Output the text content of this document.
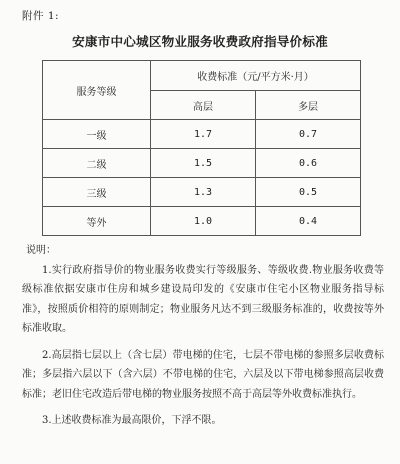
附件 1:
安康市中心城区物业服务收费政府指导价标准
服务等级	收费标准（元/平方米·月）	
	高层	多层
一级	1.7	0.7
二级	1.5	0.6
三级	1.3	0.5
等外	1.0	0.4
说明：

1.实行政府指导价的物业服务收费实行等级服务、等级收费.物业服务收费等级标准依据安康市住房和城乡建设局印发的《安康市住宅小区物业服务指导标准》，按照质价相符的原则制定；物业服务凡达不到三级服务标准的，收费按等外标准收取。

2.高层指七层以上（含七层）带电梯的住宅，七层不带电梯的参照多层收费标准；多层指六层以下（含六层）不带电梯的住宅，六层及以下带电梯参照高层收费标准；老旧住宅改造后带电梯的物业服务按照不高于高层等外收费标准执行。

3.上述收费标准为最高限价，下浮不限。
